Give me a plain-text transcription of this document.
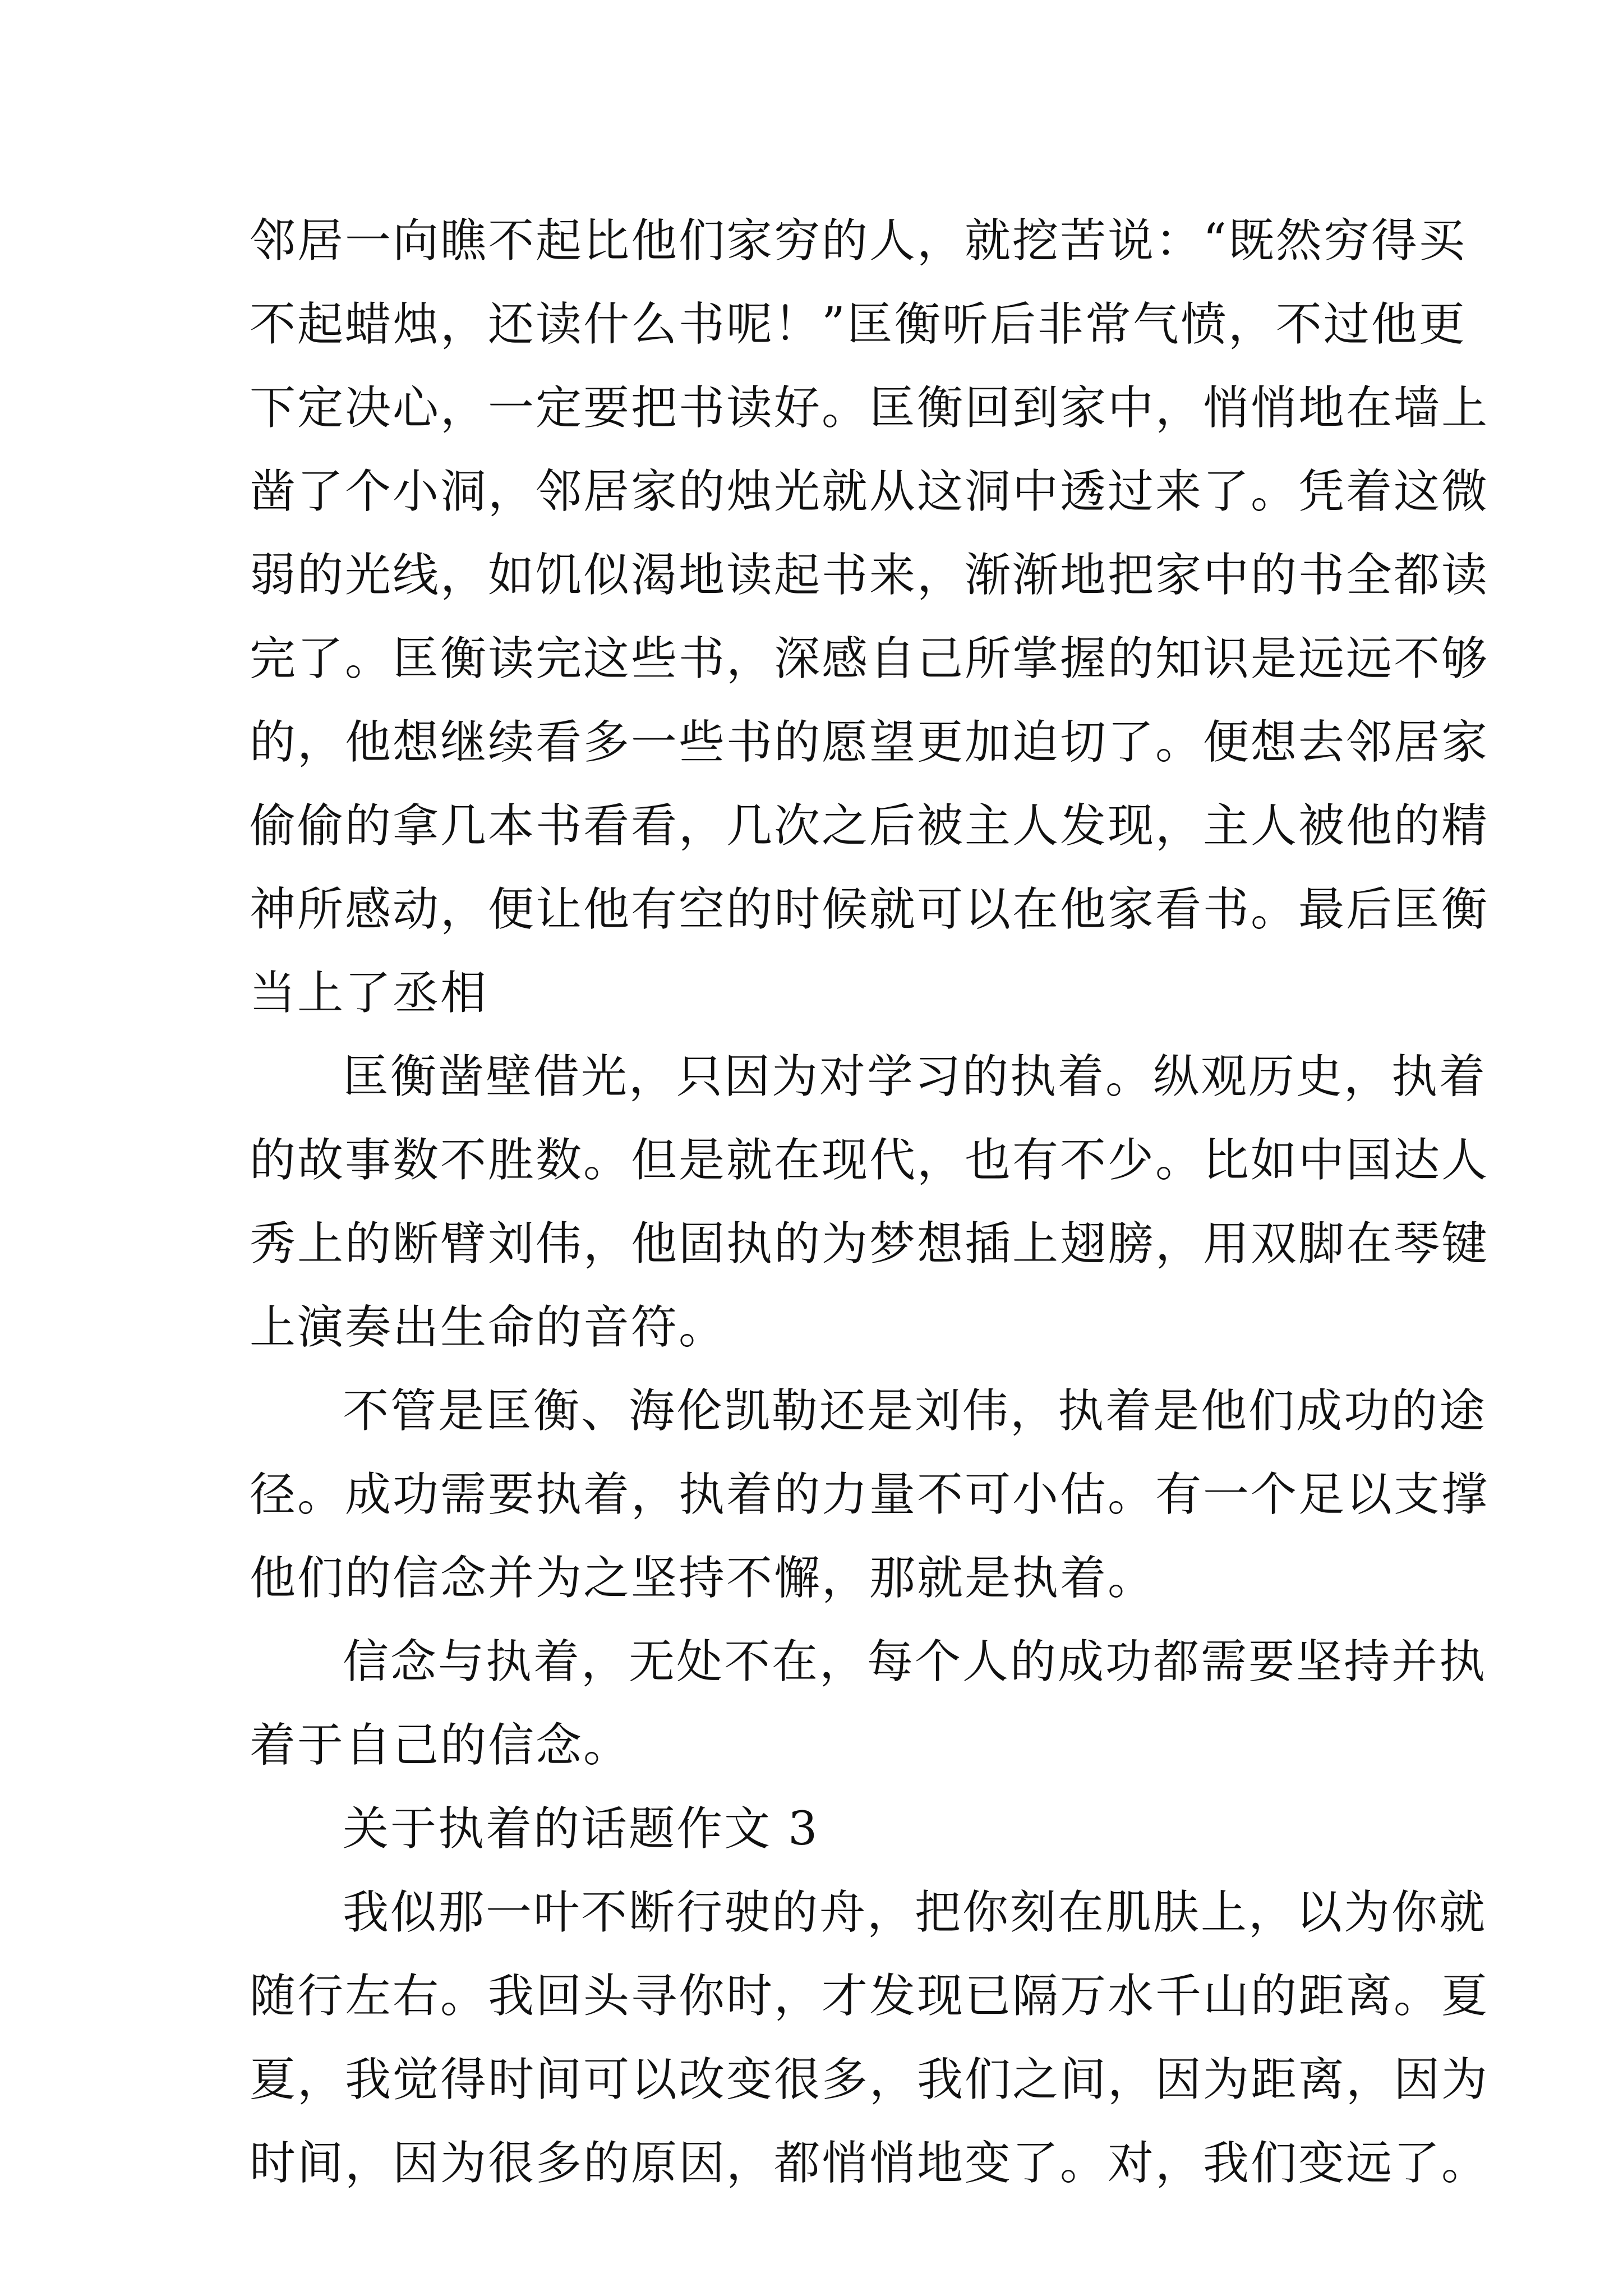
邻居一向瞧不起比他们家穷的人，就挖苦说：“既然穷得买
不起蜡烛，还读什么书呢！”匡衡听后非常气愤，不过他更
下定决心，一定要把书读好。匡衡回到家中，悄悄地在墙上
凿了个小洞，邻居家的烛光就从这洞中透过来了。凭着这微
弱的光线，如饥似渴地读起书来，渐渐地把家中的书全都读
完了。匡衡读完这些书，深感自己所掌握的知识是远远不够
的，他想继续看多一些书的愿望更加迫切了。便想去邻居家
偷偷的拿几本书看看，几次之后被主人发现，主人被他的精
神所感动，便让他有空的时候就可以在他家看书。最后匡衡
当上了丞相
匡衡凿壁借光，只因为对学习的执着。纵观历史，执着
的故事数不胜数。但是就在现代，也有不少。比如中国达人
秀上的断臂刘伟，他固执的为梦想插上翅膀，用双脚在琴键
上演奏出生命的音符。
不管是匡衡、海伦凯勒还是刘伟，执着是他们成功的途
径。成功需要执着，执着的力量不可小估。有一个足以支撑
他们的信念并为之坚持不懈，那就是执着。
信念与执着，无处不在，每个人的成功都需要坚持并执
着于自己的信念。
关于执着的话题作文 3
我似那一叶不断行驶的舟，把你刻在肌肤上，以为你就
随行左右。我回头寻你时，才发现已隔万水千山的距离。夏
夏，我觉得时间可以改变很多，我们之间，因为距离，因为
时间，因为很多的原因，都悄悄地变了。对，我们变远了。
